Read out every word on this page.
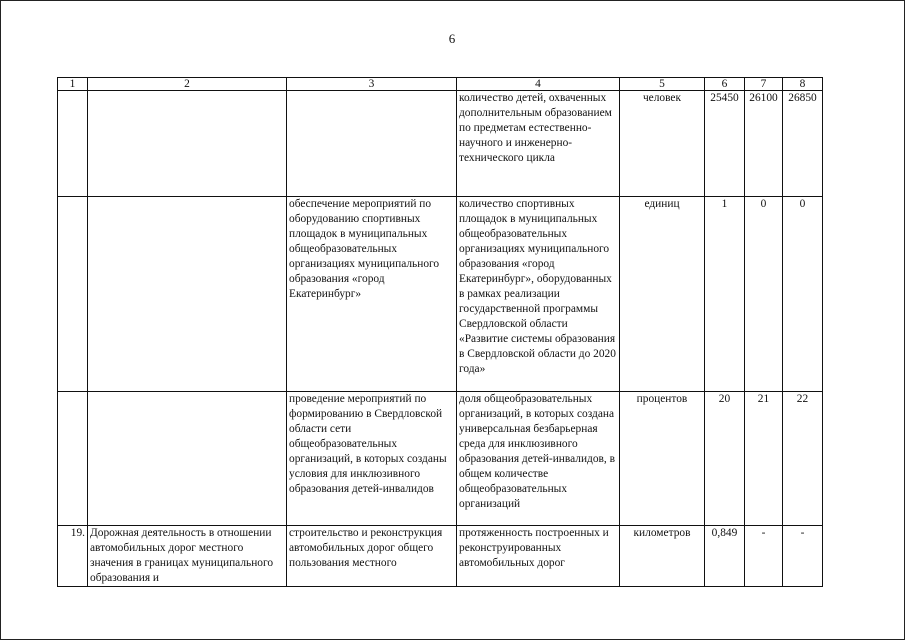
6
1	2	3	4	5	6	7	8
			количество детей, охваченных дополнительным образованием по предметам естественно-научного и инженерно-технического цикла	человек	25450	26100	26850
		обеспечение мероприятий по оборудованию спортивных площадок в муниципальных общеобразовательных организациях муниципального образования «город Екатеринбург»	количество спортивных площадок в муниципальных общеобразовательных организациях муниципального образования «город Екатеринбург», оборудованных в рамках реализации государственной программы Свердловской области «Развитие системы образования в Свердловской области до 2020 года»	единиц	1	0	0
		проведение мероприятий по формированию в Свердловской области сети общеобразовательных организаций, в которых созданы условия для инклюзивного образования детей-инвалидов	доля общеобразовательных организаций, в которых создана универсальная безбарьерная среда для инклюзивного образования детей-инвалидов, в общем количестве общеобразовательных организаций	процентов	20	21	22
19.	Дорожная деятельность в отношении автомобильных дорог местного значения в границах муниципального образования и	строительство и реконструкция автомобильных дорог общего пользования местного	протяженность построенных и реконструированных автомобильных дорог	километров	0,849	-	-
